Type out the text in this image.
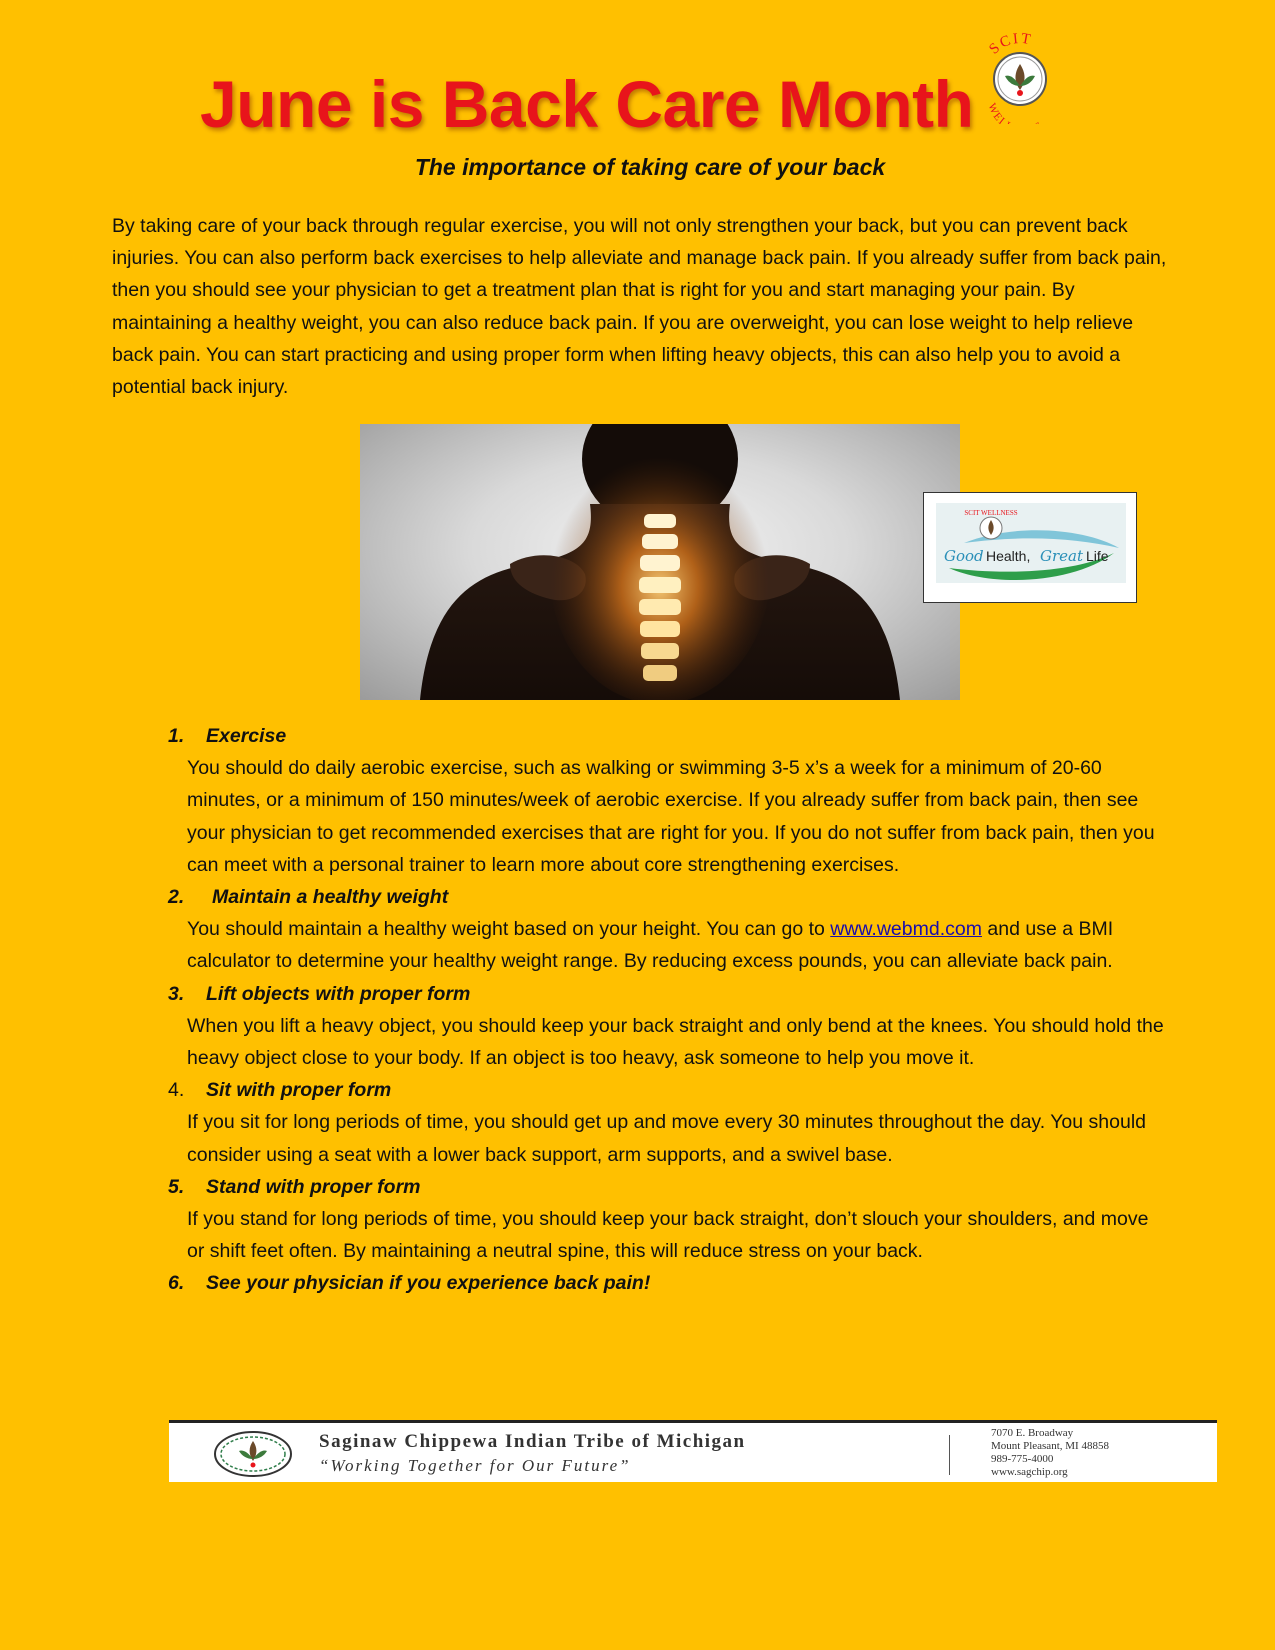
June is Back Care Month
SCIT
WEL
The importance of taking care of your back

By taking care of your back through regular exercise, you will not only strengthen your back, but you can prevent back injuries. You can also perform back exercises to help alleviate and manage back pain. If you already suffer from back pain, then you should see your physician to get a treatment plan that is right for you and start managing your pain. By maintaining a healthy weight, you can also reduce back pain. If you are overweight, you can lose weight to help relieve back pain. You can start practicing and using proper form when lifting heavy objects, this can also help you to avoid a potential back injury.

SCIT WELLNESS
Good Health, Great Life
1.	Exercise

You should do daily aerobic exercise, such as walking or swimming 3-5 x’s a week for a minimum of 20-60 minutes, or a minimum of 150 minutes/week of aerobic exercise. If you already suffer from back pain, then see your physician to get recommended exercises that are right for you. If you do not suffer from back pain, then you can meet with a personal trainer to learn more about core strengthening exercises.

2.	Maintain a healthy weight

You should maintain a healthy weight based on your height. You can go to www.webmd.com and use a BMI calculator to determine your healthy weight range. By reducing excess pounds, you can alleviate back pain.

3.	Lift objects with proper form

When you lift a heavy object, you should keep your back straight and only bend at the knees. You should hold the heavy object close to your body. If an object is too heavy, ask someone to help you move it.

4.	Sit with proper form

If you sit for long periods of time, you should get up and move every 30 minutes throughout the day. You should consider using a seat with a lower back support, arm supports, and a swivel base.

5.	Stand with proper form

If you stand for long periods of time, you should keep your back straight, don’t slouch your shoulders, and move or shift feet often. By maintaining a neutral spine, this will reduce stress on your back.

6.	See your physician if you experience back pain!
Saginaw Chippewa Indian Tribe of Michigan
“Working Together for Our Future”
7070 E. Broadway
Mount Pleasant, MI 48858
989-775-4000
www.sagchip.org
